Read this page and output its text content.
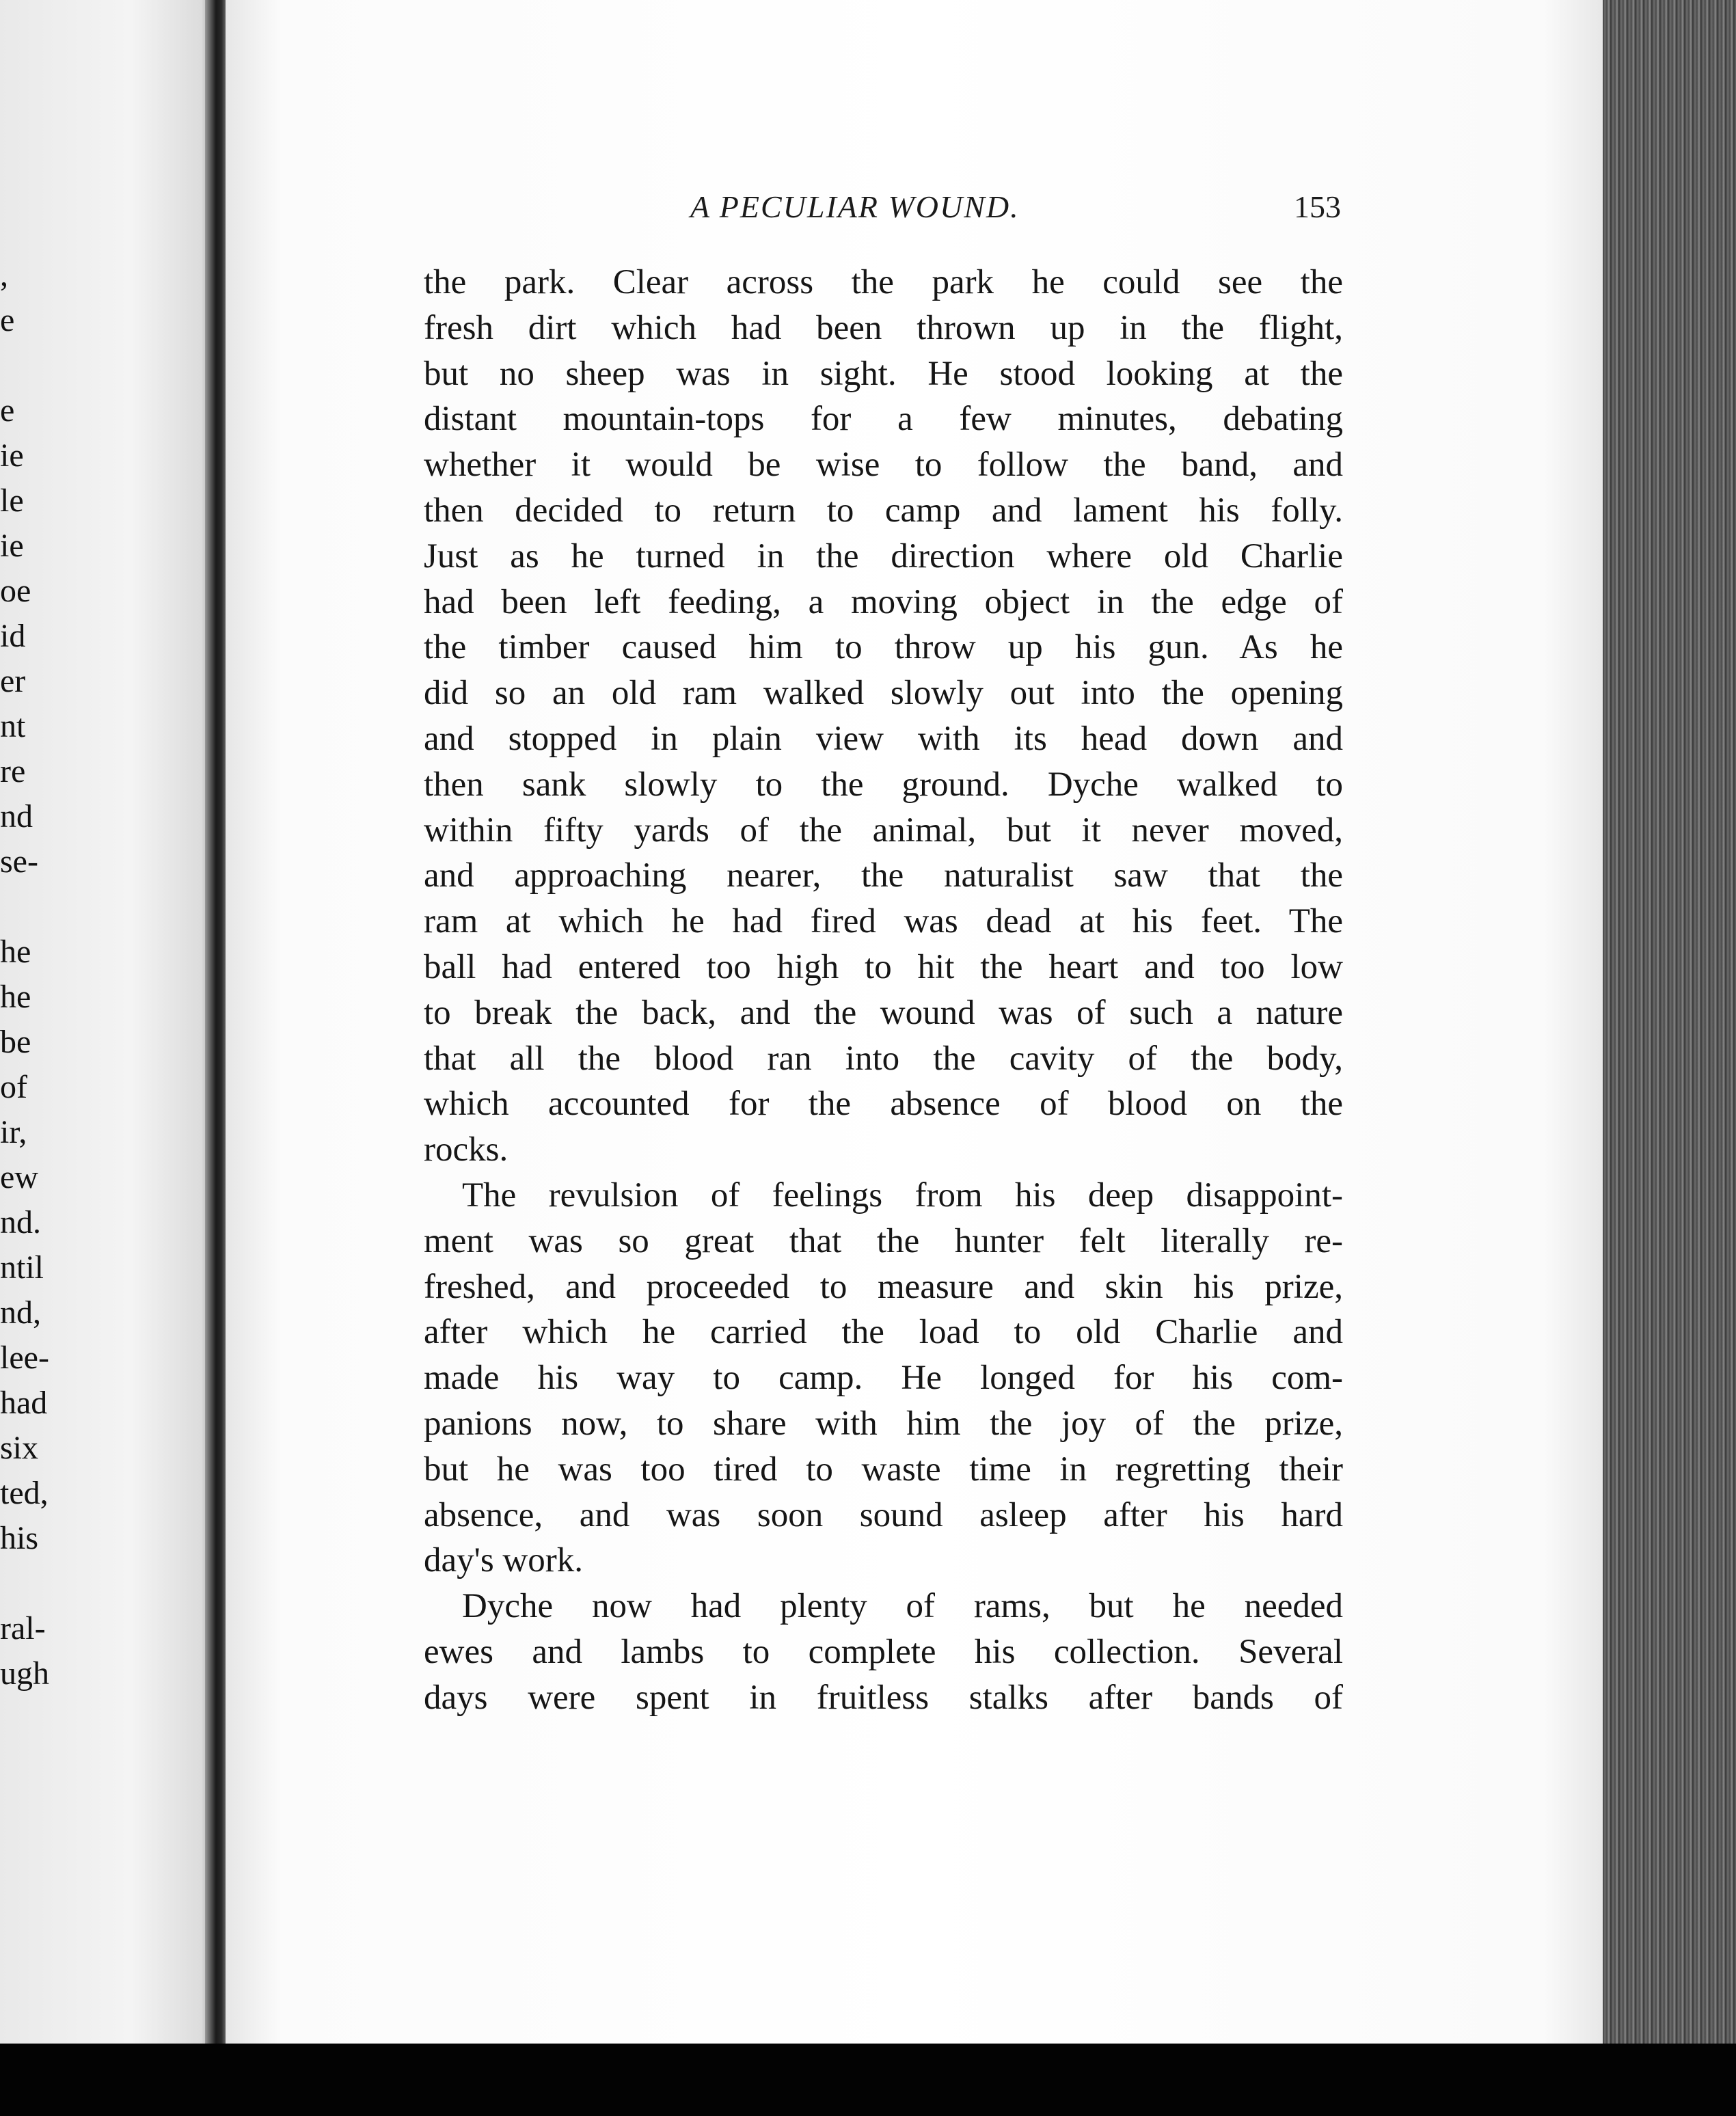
,
e
e
ie
le
ie
oe
id
er
nt
re
nd
se-
he
he
be
of
ir,
ew
nd.
ntil
nd,
lee-
had
six
ted,
his
ral-
ugh
A PECULIAR WOUND.	153
the park. Clear across the park he could see the
fresh dirt which had been thrown up in the flight,
but no sheep was in sight. He stood looking at the
distant mountain-tops for a few minutes, debating
whether it would be wise to follow the band, and
then decided to return to camp and lament his folly.
Just as he turned in the direction where old Charlie
had been left feeding, a moving object in the edge of
the timber caused him to throw up his gun. As he
did so an old ram walked slowly out into the opening
and stopped in plain view with its head down and
then sank slowly to the ground. Dyche walked to
within fifty yards of the animal, but it never moved,
and approaching nearer, the naturalist saw that the
ram at which he had fired was dead at his feet. The
ball had entered too high to hit the heart and too low
to break the back, and the wound was of such a nature
that all the blood ran into the cavity of the body,
which accounted for the absence of blood on the
rocks.
The revulsion of feelings from his deep disappoint-
ment was so great that the hunter felt literally re-
freshed, and proceeded to measure and skin his prize,
after which he carried the load to old Charlie and
made his way to camp. He longed for his com-
panions now, to share with him the joy of the prize,
but he was too tired to waste time in regretting their
absence, and was soon sound asleep after his hard
day's work.
Dyche now had plenty of rams, but he needed
ewes and lambs to complete his collection. Several
days were spent in fruitless stalks after bands of
